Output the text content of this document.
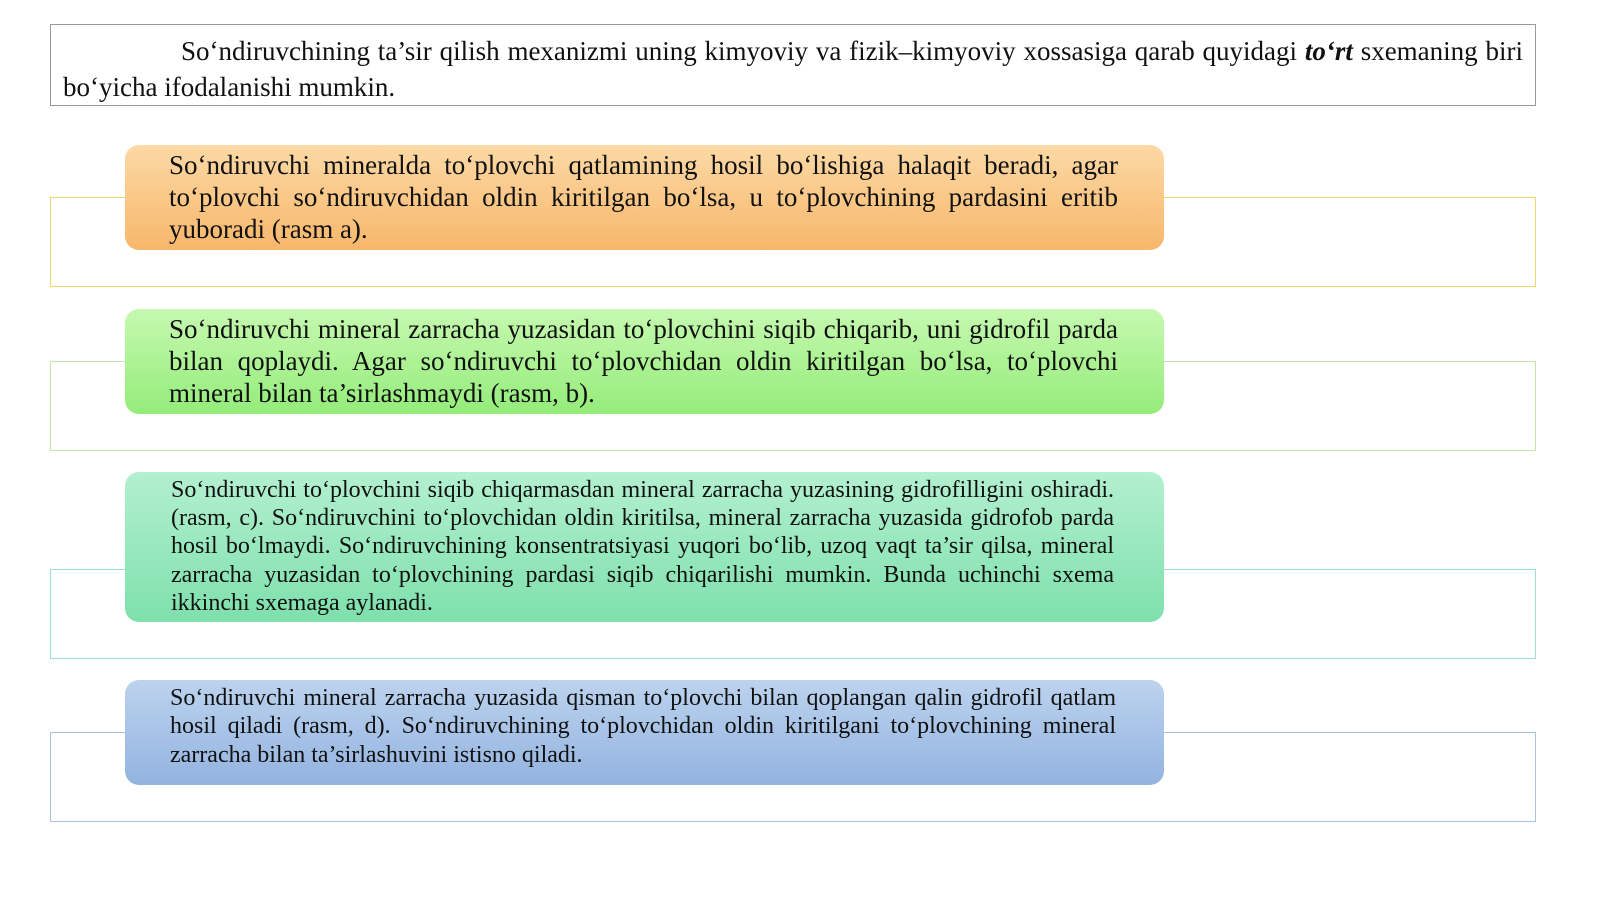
So‘ndiruvchining ta’sir qilish mexanizmi uning kimyoviy va fizik–kimyoviy xossasiga qarab quyidagi to‘rt sxemaning biri bo‘yicha ifodalanishi mumkin.
So‘ndiruvchi mineralda to‘plovchi qatlamining hosil bo‘lishiga halaqit beradi, agar to‘plovchi so‘ndiruvchidan oldin kiritilgan bo‘lsa, u to‘plovchining pardasini eritib yuboradi (rasm a).
So‘ndiruvchi mineral zarracha yuzasidan to‘plovchini siqib chiqarib, uni gidrofil parda bilan qoplaydi. Agar so‘ndiruvchi to‘plovchidan oldin kiritilgan bo‘lsa, to‘plovchi mineral bilan ta’sirlashmaydi (rasm, b).
So‘ndiruvchi to‘plovchini siqib chiqarmasdan mineral zarracha yuzasining gidrofilligini oshiradi. (rasm, c). So‘ndiruvchini to‘plovchidan oldin kiritilsa, mineral zarracha yuzasida gidrofob parda hosil bo‘lmaydi. So‘ndiruvchining konsentratsiyasi yuqori bo‘lib, uzoq vaqt ta’sir qilsa, mineral zarracha yuzasidan to‘plovchining pardasi siqib chiqarilishi mumkin. Bunda uchinchi sxema ikkinchi sxemaga aylanadi.
So‘ndiruvchi mineral zarracha yuzasida qisman to‘plovchi bilan qoplangan qalin gidrofil qatlam hosil qiladi (rasm, d). So‘ndiruvchining to‘plovchidan oldin kiritilgani to‘plovchining mineral zarracha bilan ta’sirlashuvini istisno qiladi.
